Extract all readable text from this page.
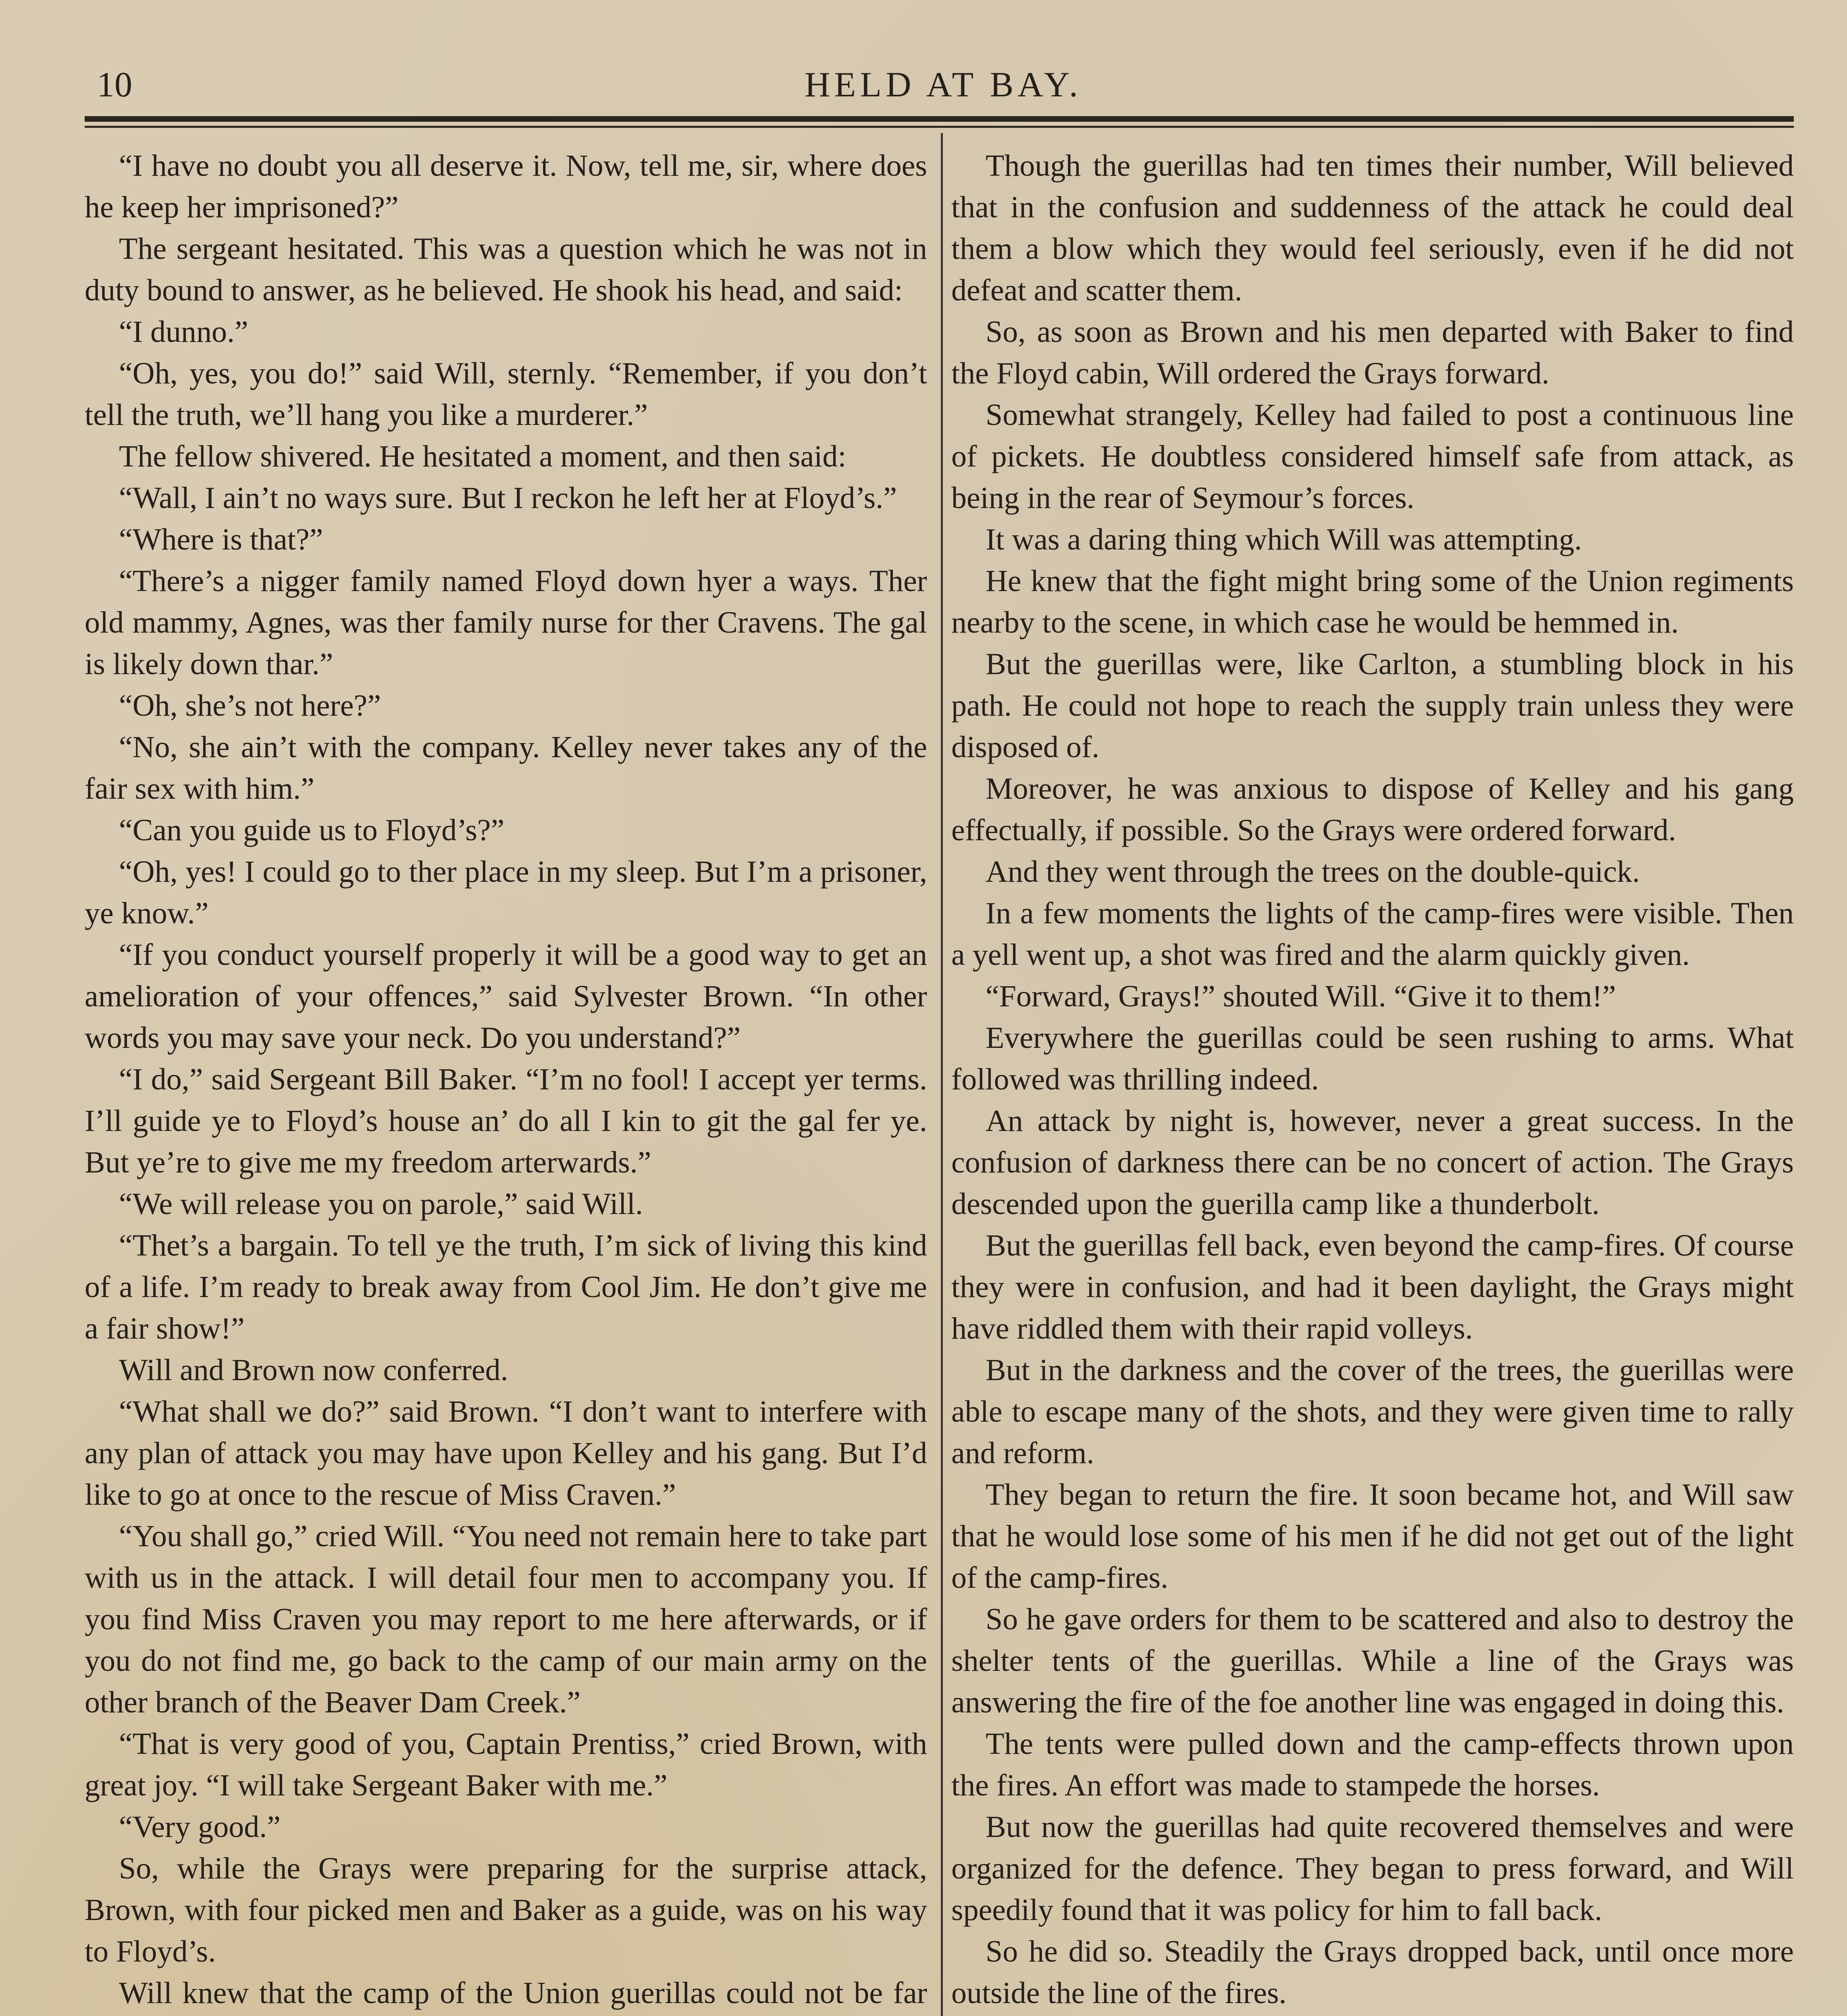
10	HELD AT BAY.

“I have no doubt you all deserve it. Now, tell me, sir, where does he keep her imprisoned?”

The sergeant hesitated. This was a question which he was not in duty bound to answer, as he believed. He shook his head, and said:

“I dunno.”

“Oh, yes, you do!” said Will, sternly. “Remember, if you don’t tell the truth, we’ll hang you like a murderer.”

The fellow shivered. He hesitated a moment, and then said:

“Wall, I ain’t no ways sure. But I reckon he left her at Floyd’s.”

“Where is that?”

“There’s a nigger family named Floyd down hyer a ways. Ther old mammy, Agnes, was ther family nurse for ther Cravens. The gal is likely down thar.”

“Oh, she’s not here?”

“No, she ain’t with the company. Kelley never takes any of the fair sex with him.”

“Can you guide us to Floyd’s?”

“Oh, yes! I could go to ther place in my sleep. But I’m a prisoner, ye know.”

“If you conduct yourself properly it will be a good way to get an amelioration of your offences,” said Sylvester Brown. “In other words you may save your neck. Do you understand?”

“I do,” said Sergeant Bill Baker. “I’m no fool! I accept yer terms. I’ll guide ye to Floyd’s house an’ do all I kin to git the gal fer ye. But ye’re to give me my freedom arterwards.”

“We will release you on parole,” said Will.

“Thet’s a bargain. To tell ye the truth, I’m sick of living this kind of a life. I’m ready to break away from Cool Jim. He don’t give me a fair show!”

Will and Brown now conferred.

“What shall we do?” said Brown. “I don’t want to interfere with any plan of attack you may have upon Kelley and his gang. But I’d like to go at once to the rescue of Miss Craven.”

“You shall go,” cried Will. “You need not remain here to take part with us in the attack. I will detail four men to accompany you. If you find Miss Craven you may report to me here afterwards, or if you do not find me, go back to the camp of our main army on the other branch of the Beaver Dam Creek.”

“That is very good of you, Captain Prentiss,” cried Brown, with great joy. “I will take Sergeant Baker with me.”

“Very good.”

So, while the Grays were preparing for the surprise attack, Brown, with four picked men and Baker as a guide, was on his way to Floyd’s.

Will knew that the camp of the Union guerillas could not be far

Though the guerillas had ten times their number, Will believed that in the confusion and suddenness of the attack he could deal them a blow which they would feel seriously, even if he did not defeat and scatter them.

So, as soon as Brown and his men departed with Baker to find the Floyd cabin, Will ordered the Grays forward.

Somewhat strangely, Kelley had failed to post a continuous line of pickets. He doubtless considered himself safe from attack, as being in the rear of Seymour’s forces.

It was a daring thing which Will was attempting.

He knew that the fight might bring some of the Union regiments nearby to the scene, in which case he would be hemmed in.

But the guerillas were, like Carlton, a stumbling block in his path. He could not hope to reach the supply train unless they were disposed of.

Moreover, he was anxious to dispose of Kelley and his gang effectually, if possible. So the Grays were ordered forward.

And they went through the trees on the double-quick.

In a few moments the lights of the camp-fires were visible. Then a yell went up, a shot was fired and the alarm quickly given.

“Forward, Grays!” shouted Will. “Give it to them!”

Everywhere the guerillas could be seen rushing to arms. What followed was thrilling indeed.

An attack by night is, however, never a great success. In the confusion of darkness there can be no concert of action. The Grays descended upon the guerilla camp like a thunderbolt.

But the guerillas fell back, even beyond the camp-fires. Of course they were in confusion, and had it been daylight, the Grays might have riddled them with their rapid volleys.

But in the darkness and the cover of the trees, the guerillas were able to escape many of the shots, and they were given time to rally and reform.

They began to return the fire. It soon became hot, and Will saw that he would lose some of his men if he did not get out of the light of the camp-fires.

So he gave orders for them to be scattered and also to destroy the shelter tents of the guerillas. While a line of the Grays was answering the fire of the foe another line was engaged in doing this.

The tents were pulled down and the camp-effects thrown upon the fires. An effort was made to stampede the horses.

But now the guerillas had quite recovered themselves and were organized for the defence. They began to press forward, and Will speedily found that it was policy for him to fall back.

So he did so. Steadily the Grays dropped back, until once more outside the line of the fires.
